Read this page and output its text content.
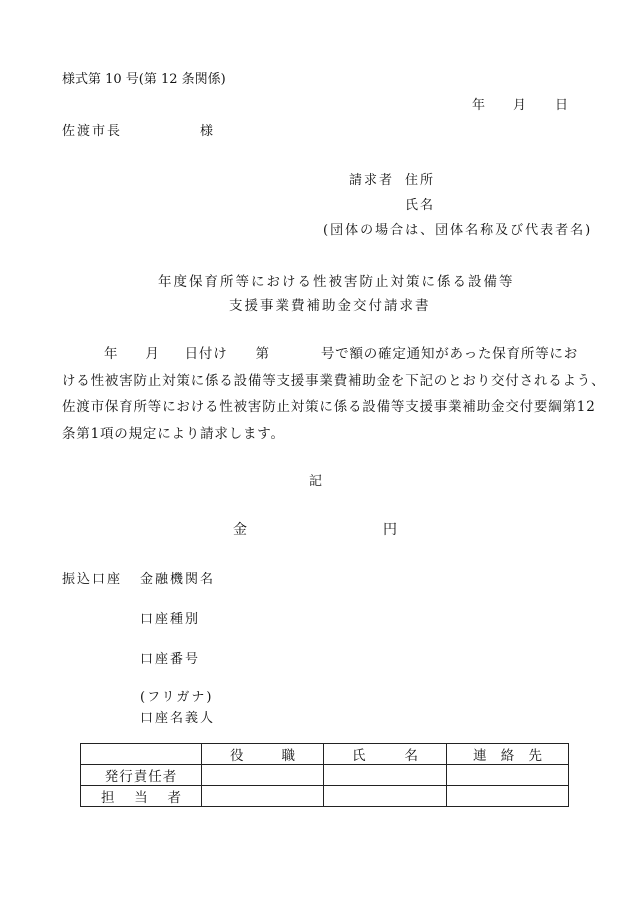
様式第 10 号(第 12 条関係)
年 月 日
佐渡市長	様
請求者 住所
氏名
(団体の場合は、団体名称及び代表者名)
年度保育所等における性被害防止対策に係る設備等
支援事業費補助金交付請求書

年 月 日付け 第	号で額の確定通知があった保育所等にお

ける性被害防止対策に係る設備等支援事業費補助金を下記のとおり交付されるよう、

佐渡市保育所等における性被害防止対策に係る設備等支援事業補助金交付要綱第12

条第1項の規定により請求します。

記
金	円
振込口座 金融機関名
口座種別
口座番号
(フリガナ)
口座名義人

	役 職	氏 名	連 絡 先

発行責任者			

担 当 者			
